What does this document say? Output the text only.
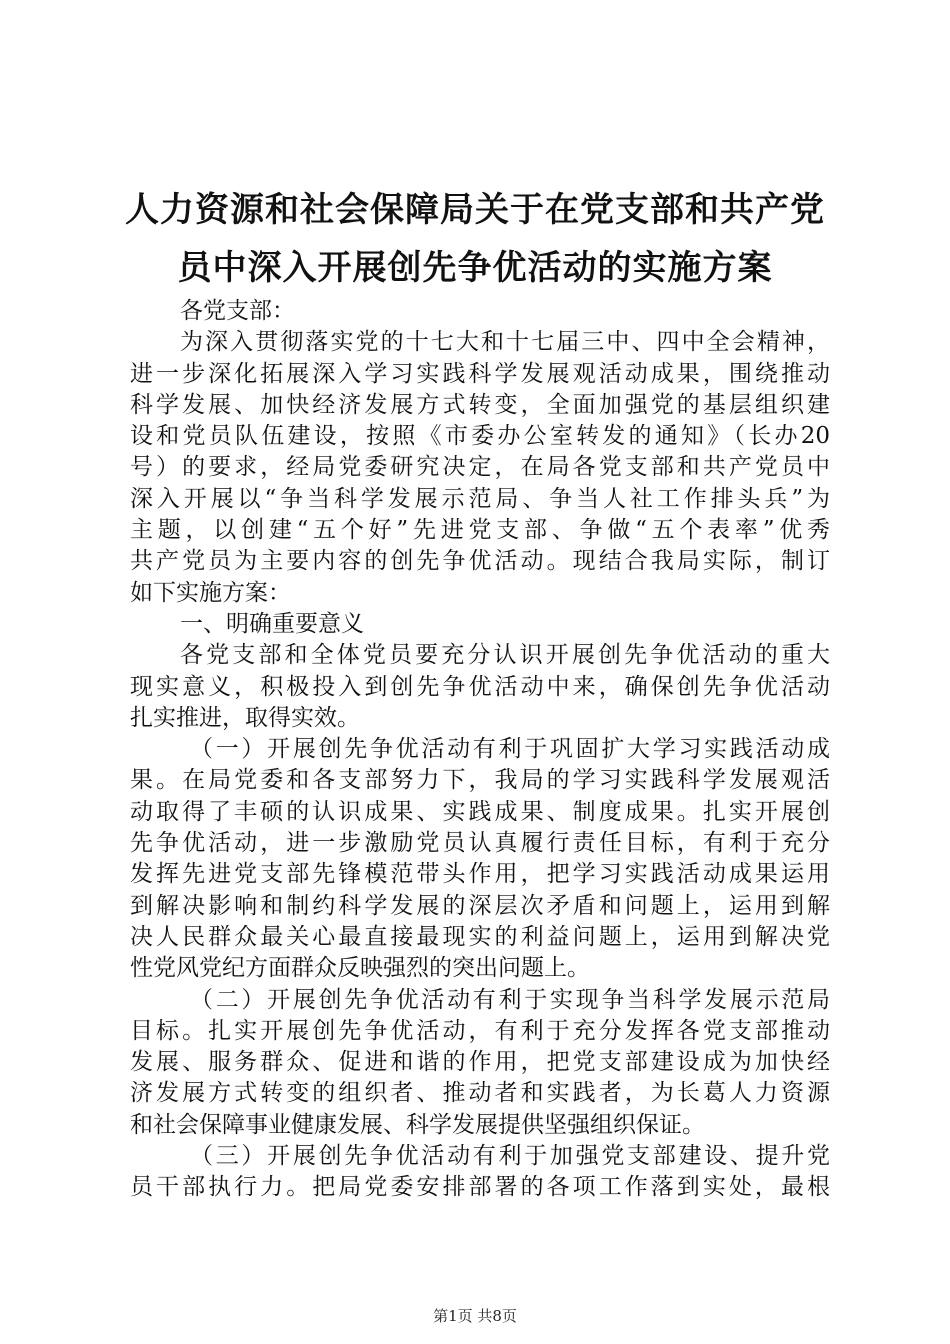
人力资源和社会保障局关于在党支部和共产党
员中深入开展创先争优活动的实施方案
各党支部：
为深入贯彻落实党的十七大和十七届三中、四中全会精神，
进一步深化拓展深入学习实践科学发展观活动成果，围绕推动
科学发展、加快经济发展方式转变，全面加强党的基层组织建
设和党员队伍建设，按照《市委办公室转发的通知》（长办20
号）的要求，经局党委研究决定，在局各党支部和共产党员中
深入开展以“争当科学发展示范局、争当人社工作排头兵”为
主题，以创建“五个好”先进党支部、争做“五个表率”优秀
共产党员为主要内容的创先争优活动。现结合我局实际，制订
如下实施方案：
一、明确重要意义
各党支部和全体党员要充分认识开展创先争优活动的重大
现实意义，积极投入到创先争优活动中来，确保创先争优活动
扎实推进，取得实效。
（一）开展创先争优活动有利于巩固扩大学习实践活动成
果。在局党委和各支部努力下，我局的学习实践科学发展观活
动取得了丰硕的认识成果、实践成果、制度成果。扎实开展创
先争优活动，进一步激励党员认真履行责任目标，有利于充分
发挥先进党支部先锋模范带头作用，把学习实践活动成果运用
到解决影响和制约科学发展的深层次矛盾和问题上，运用到解
决人民群众最关心最直接最现实的利益问题上，运用到解决党
性党风党纪方面群众反映强烈的突出问题上。
（二）开展创先争优活动有利于实现争当科学发展示范局
目标。扎实开展创先争优活动，有利于充分发挥各党支部推动
发展、服务群众、促进和谐的作用，把党支部建设成为加快经
济发展方式转变的组织者、推动者和实践者，为长葛人力资源
和社会保障事业健康发展、科学发展提供坚强组织保证。
（三）开展创先争优活动有利于加强党支部建设、提升党
员干部执行力。把局党委安排部署的各项工作落到实处，最根
第1页 共8页
